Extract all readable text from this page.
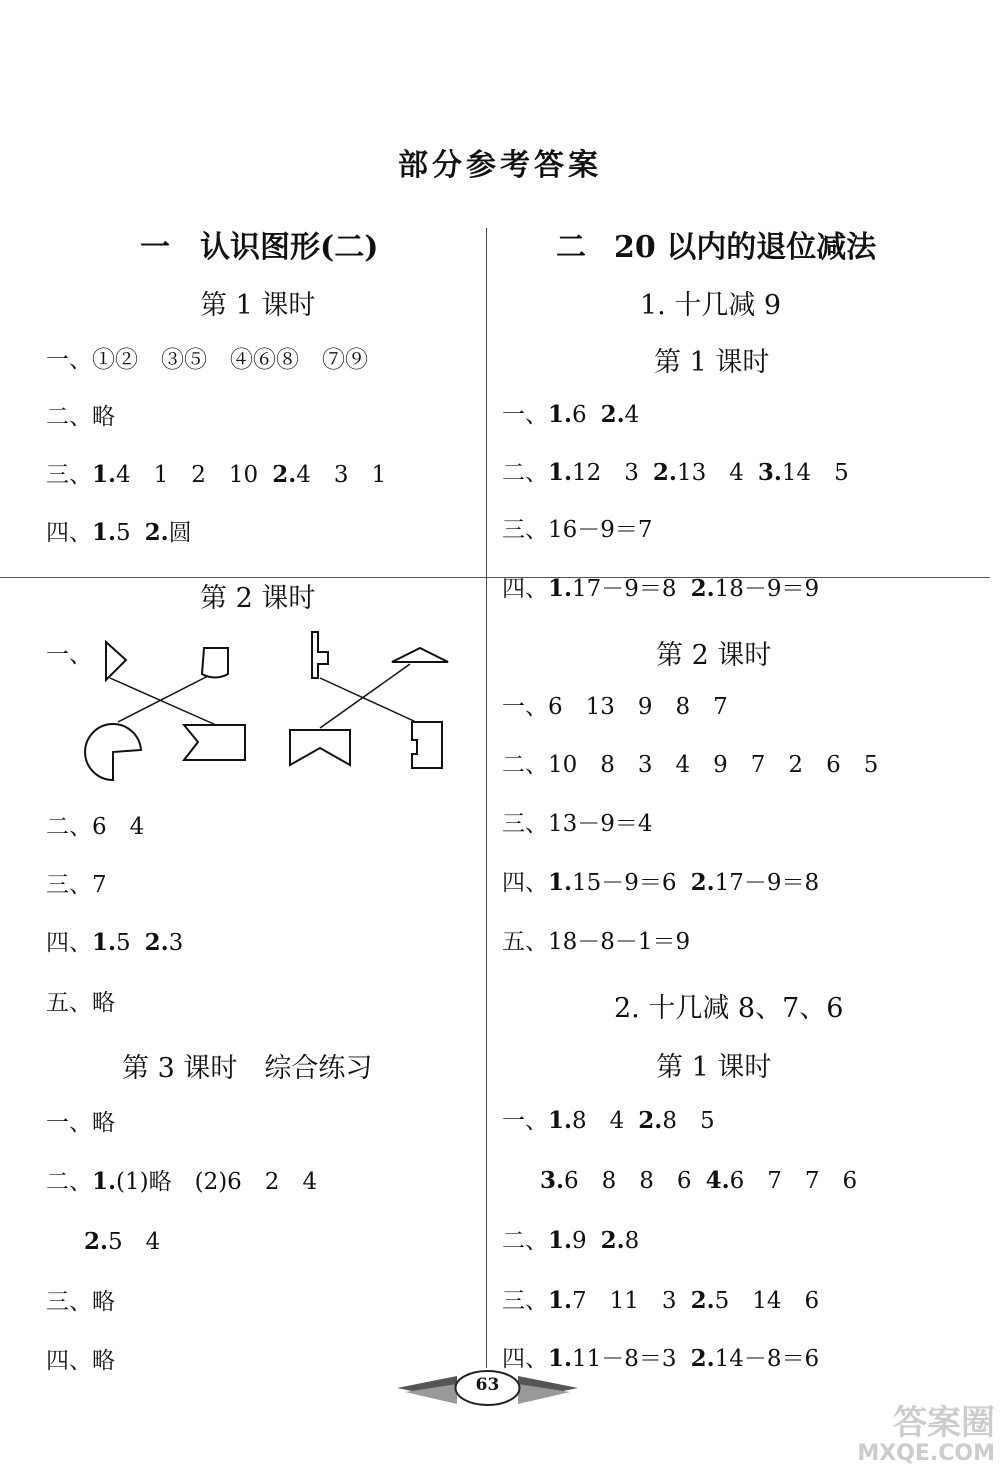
部分参考答案
一 认识图形(二)
第 1 课时
一、①②　③⑤　④⑥⑧　⑦⑨
二、略
三、1.4　1　2　10 2.4　3　1
四、1.5 2.圆
第 2 课时
一、
二、6　4
三、7
四、1.5 2.3
五、略
第 3 课时　综合练习
一、略
二、1.(1)略　(2)6　2　4
2.5　4
三、略
四、略
二 20 以内的退位减法
1. 十几减 9
第 1 课时
一、1.6 2.4
二、1.12　3 2.13　4 3.14　5
三、16－9＝7
四、1.17－9＝8 2.18－9＝9
第 2 课时
一、6　13　9　8　7
二、10　8　3　4　9　7　2　6　5
三、13－9＝4
四、1.15－9＝6 2.17－9＝8
五、18－8－1＝9
2. 十几减 8、7、6
第 1 课时
一、1.8　4 2.8　5
3.6　8　8　6 4.6　7　7　6
二、1.9 2.8
三、1.7　11　3 2.5　14　6
四、1.11－8＝3 2.14－8＝6
63
答案圈
MXQE.COM
